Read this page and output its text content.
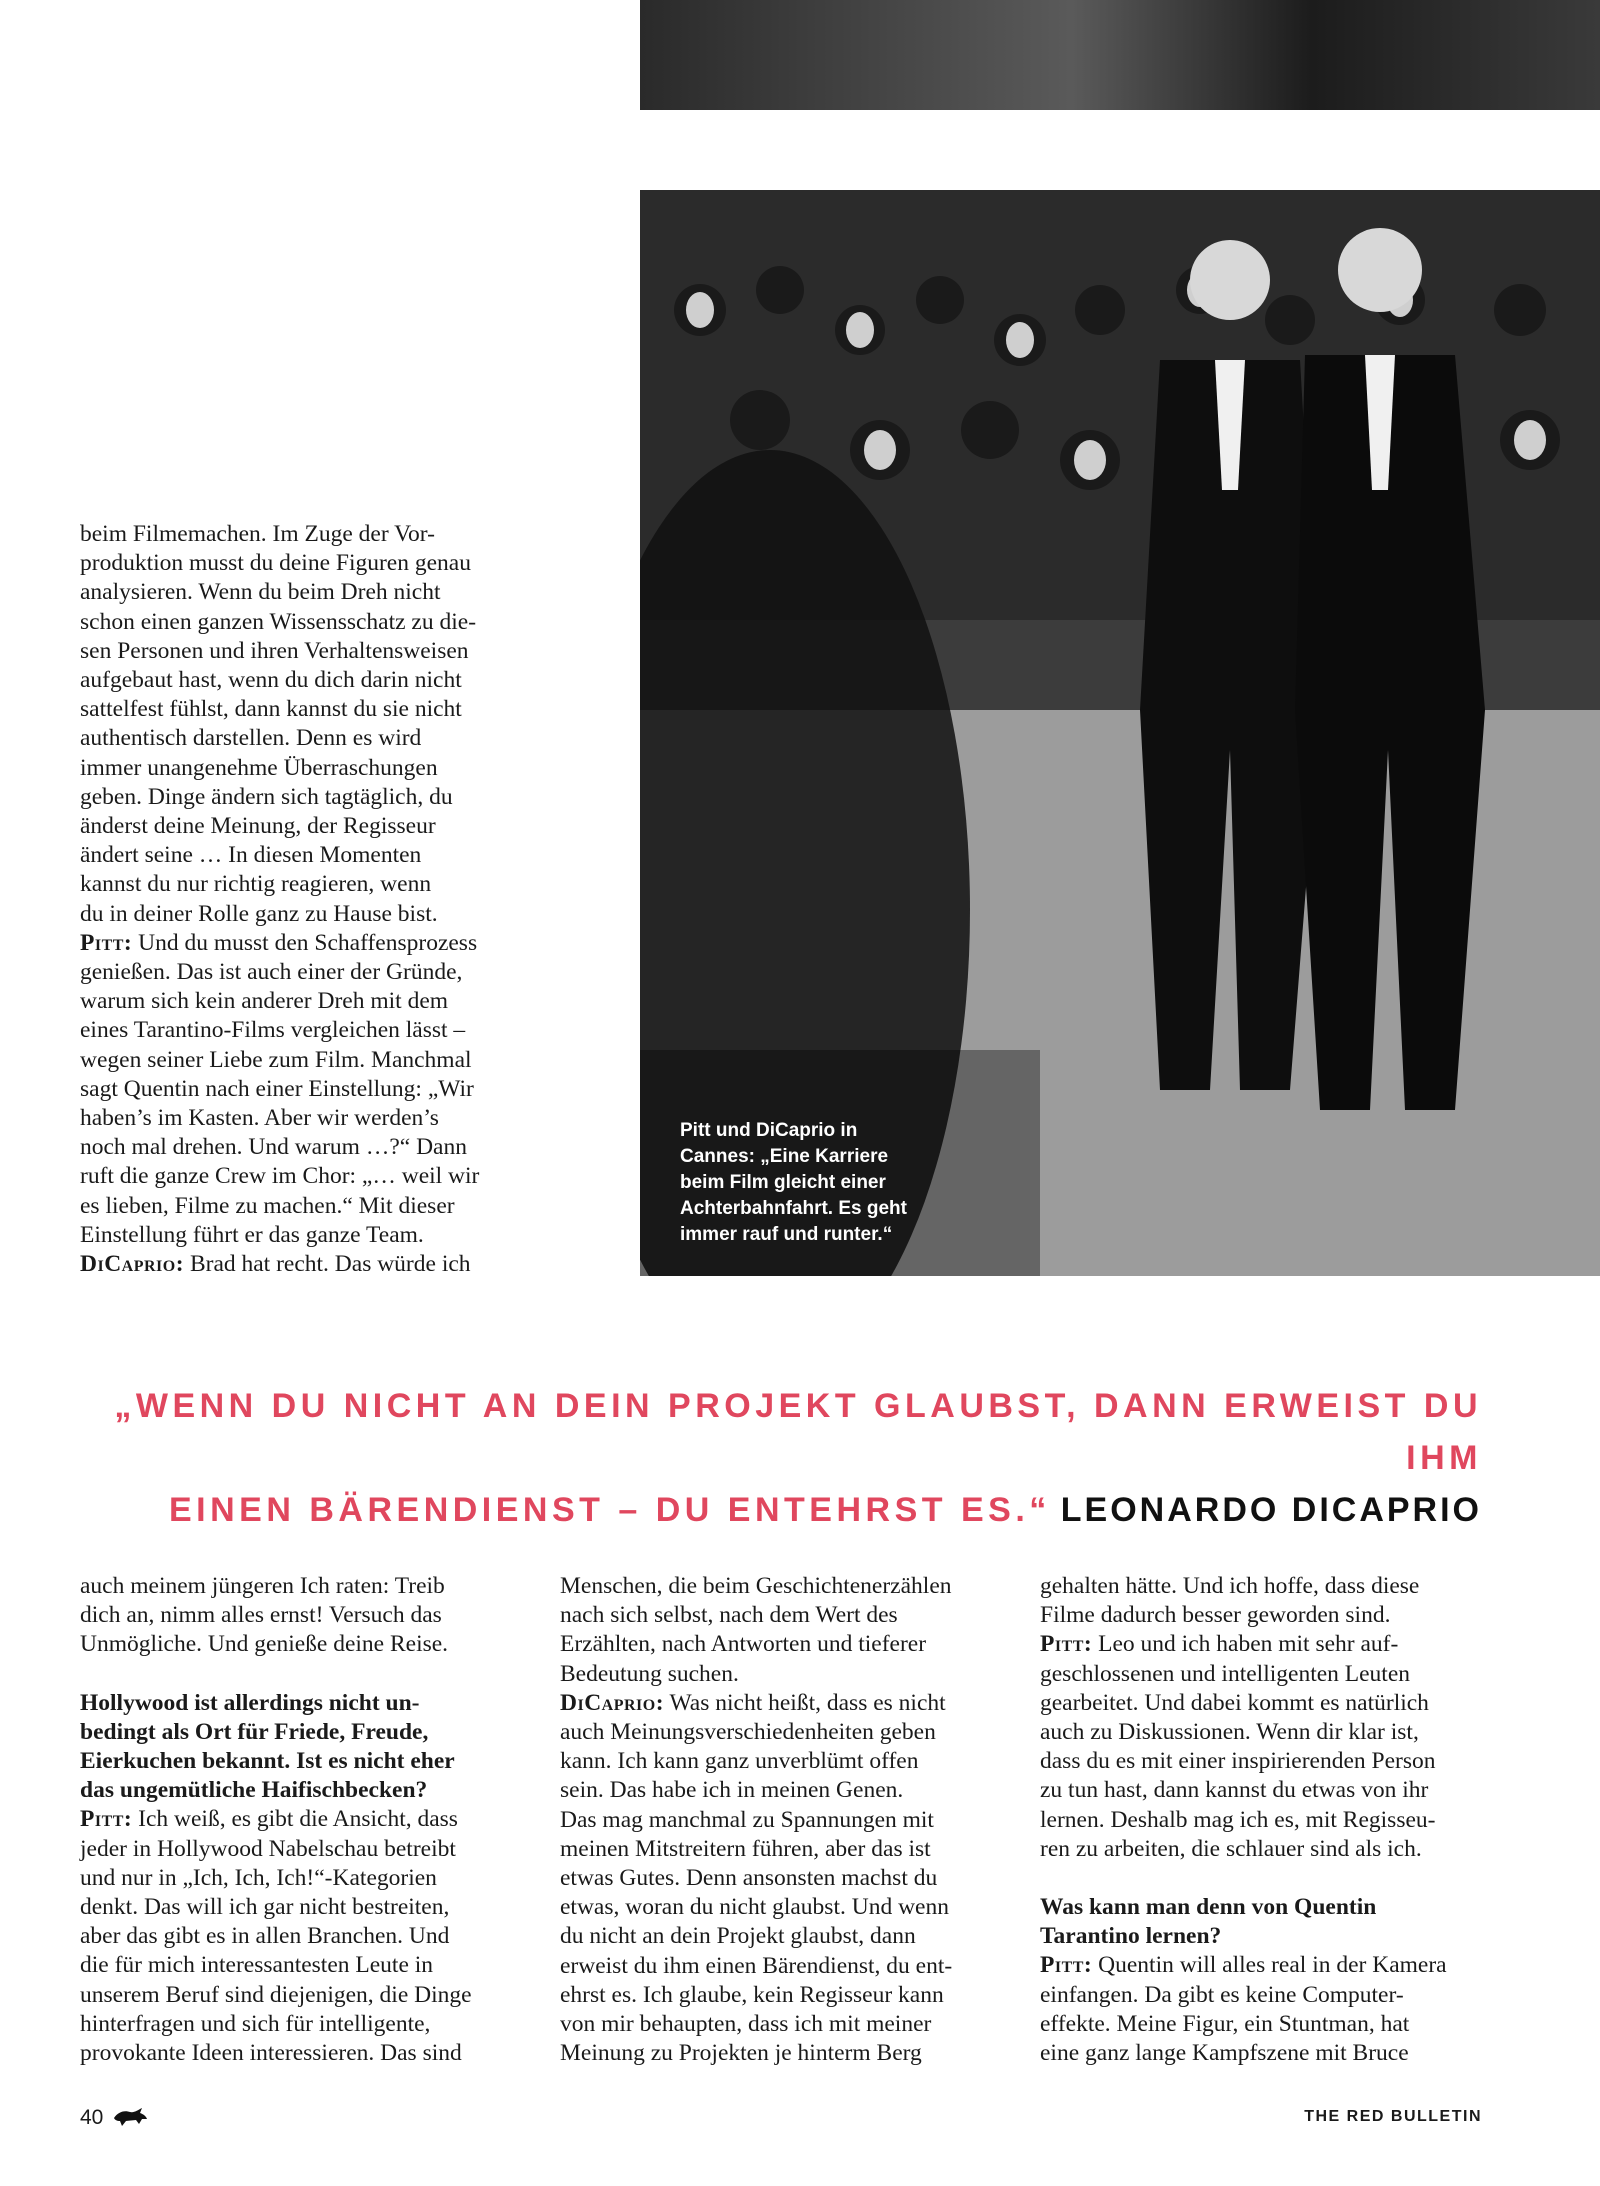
Pitt und DiCaprio in
Cannes: „Eine Karriere
beim Film gleicht einer
Achterbahnfahrt. Es geht
immer rauf und runter.“

beim Filmemachen. Im Zuge der Vor-

produktion musst du deine Figuren genau

analysieren. Wenn du beim Dreh nicht

schon einen ganzen Wissensschatz zu die-

sen Personen und ihren Verhaltensweisen

aufgebaut hast, wenn du dich darin nicht

sattelfest fühlst, dann kannst du sie nicht

authentisch darstellen. Denn es wird

immer unangenehme Überraschungen

geben. Dinge ändern sich tagtäglich, du

änderst deine Meinung, der Regisseur

ändert seine … In diesen Momenten

kannst du nur richtig reagieren, wenn

du in deiner Rolle ganz zu Hause bist.

Pitt: Und du musst den Schaffensprozess

genießen. Das ist auch einer der Gründe,

warum sich kein anderer Dreh mit dem

eines Tarantino-Films vergleichen lässt –

wegen seiner Liebe zum Film. Manchmal

sagt Quentin nach einer Einstellung: „Wir

haben’s im Kasten. Aber wir werden’s

noch mal drehen. Und warum …?“ Dann

ruft die ganze Crew im Chor: „… weil wir

es lieben, Filme zu machen.“ Mit dieser

Einstellung führt er das ganze Team.

DiCaprio: Brad hat recht. Das würde ich

„WENN DU NICHT AN DEIN PROJEKT GLAUBST, DANN ERWEIST DU IHM
EINEN BÄRENDIENST – DU ENTEHRST ES.“ LEONARDO DICAPRIO

auch meinem jüngeren Ich raten: Treib

dich an, nimm alles ernst! Versuch das

Unmögliche. Und genieße deine Reise.

Hollywood ist allerdings nicht un-

bedingt als Ort für Friede, Freude,

Eierkuchen bekannt. Ist es nicht eher

das ungemütliche Haifischbecken?

Pitt: Ich weiß, es gibt die Ansicht, dass

jeder in Hollywood Nabelschau betreibt

und nur in „Ich, Ich, Ich!“-Kategorien

denkt. Das will ich gar nicht bestreiten,

aber das gibt es in allen Branchen. Und

die für mich interessantesten Leute in

unserem Beruf sind diejenigen, die Dinge

hinterfragen und sich für intelligente,

provokante Ideen interessieren. Das sind

Menschen, die beim Geschichtenerzählen

nach sich selbst, nach dem Wert des

Erzählten, nach Antworten und tieferer

Bedeutung suchen.

DiCaprio: Was nicht heißt, dass es nicht

auch Meinungsverschiedenheiten geben

kann. Ich kann ganz unverblümt offen

sein. Das habe ich in meinen Genen.

Das mag manchmal zu Spannungen mit

meinen Mitstreitern führen, aber das ist

etwas Gutes. Denn ansonsten machst du

etwas, woran du nicht glaubst. Und wenn

du nicht an dein Projekt glaubst, dann

erweist du ihm einen Bärendienst, du ent-

ehrst es. Ich glaube, kein Regisseur kann

von mir behaupten, dass ich mit meiner

Meinung zu Projekten je hinterm Berg

gehalten hätte. Und ich hoffe, dass diese

Filme dadurch besser geworden sind.

Pitt: Leo und ich haben mit sehr auf-

geschlossenen und intelligenten Leuten

gearbeitet. Und dabei kommt es natürlich

auch zu Diskussionen. Wenn dir klar ist,

dass du es mit einer inspirierenden Person

zu tun hast, dann kannst du etwas von ihr

lernen. Deshalb mag ich es, mit Regisseu-

ren zu arbeiten, die schlauer sind als ich.

Was kann man denn von Quentin

Tarantino lernen?

Pitt: Quentin will alles real in der Kamera

einfangen. Da gibt es keine Computer-

effekte. Meine Figur, ein Stuntman, hat

eine ganz lange Kampfszene mit Bruce

40	THE RED BULLETIN
